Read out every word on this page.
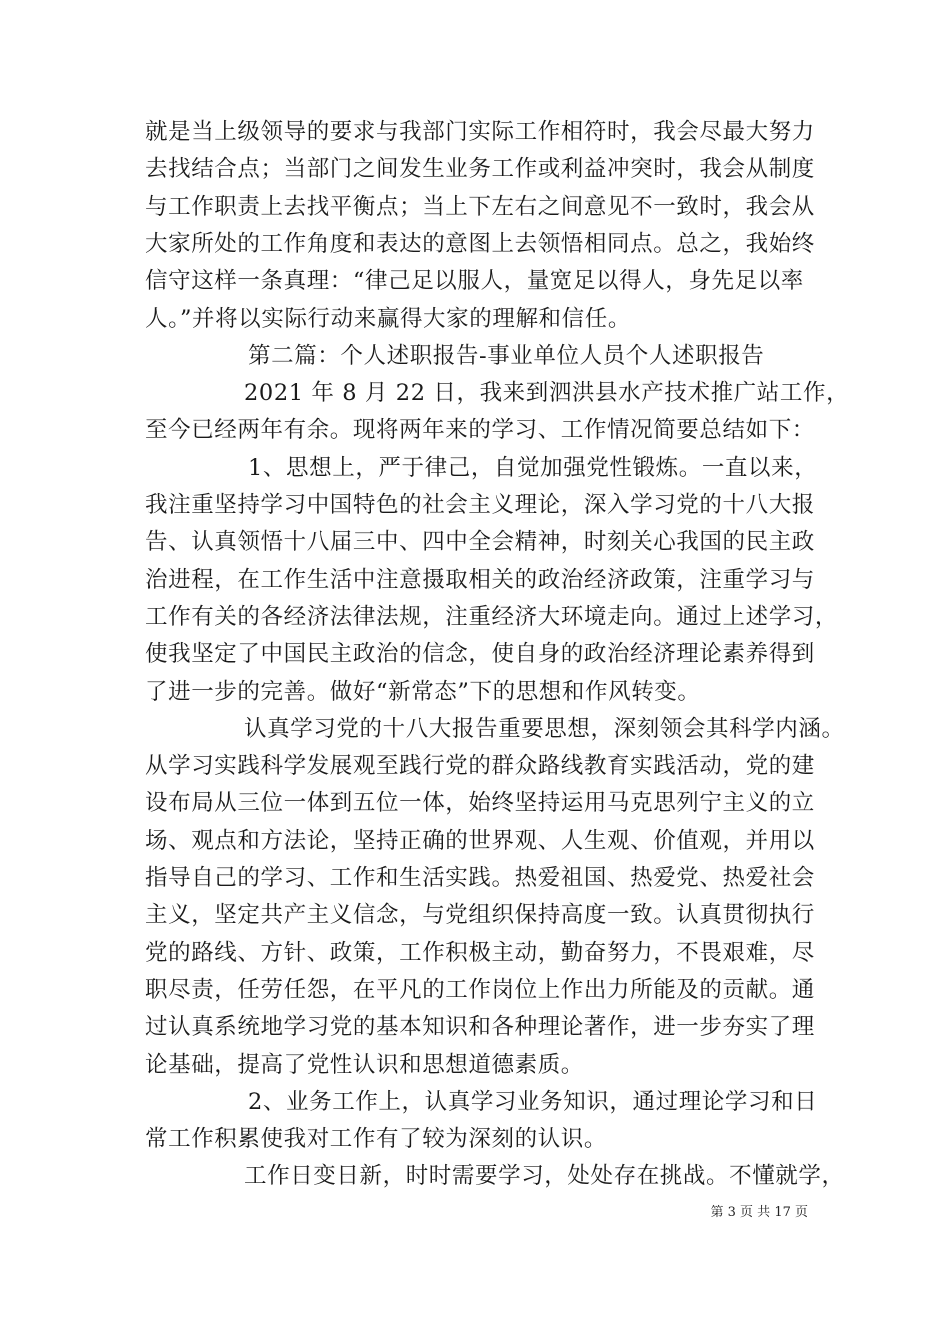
就是当上级领导的要求与我部门实际工作相符时，我会尽最大努力
去找结合点；当部门之间发生业务工作或利益冲突时，我会从制度
与工作职责上去找平衡点；当上下左右之间意见不一致时，我会从
大家所处的工作角度和表达的意图上去领悟相同点。总之，我始终
信守这样一条真理：“律己足以服人，量宽足以得人，身先足以率
人。”并将以实际行动来赢得大家的理解和信任。
第二篇：个人述职报告-事业单位人员个人述职报告
2021 年 8 月 22 日，我来到泗洪县水产技术推广站工作，
至今已经两年有余。现将两年来的学习、工作情况简要总结如下：
1、思想上，严于律己，自觉加强党性锻炼。一直以来，
我注重坚持学习中国特色的社会主义理论，深入学习党的十八大报
告、认真领悟十八届三中、四中全会精神，时刻关心我国的民主政
治进程，在工作生活中注意摄取相关的政治经济政策，注重学习与
工作有关的各经济法律法规，注重经济大环境走向。通过上述学习，
使我坚定了中国民主政治的信念，使自身的政治经济理论素养得到
了进一步的完善。做好“新常态”下的思想和作风转变。
认真学习党的十八大报告重要思想，深刻领会其科学内涵。
从学习实践科学发展观至践行党的群众路线教育实践活动，党的建
设布局从三位一体到五位一体，始终坚持运用马克思列宁主义的立
场、观点和方法论，坚持正确的世界观、人生观、价值观，并用以
指导自己的学习、工作和生活实践。热爱祖国、热爱党、热爱社会
主义，坚定共产主义信念，与党组织保持高度一致。认真贯彻执行
党的路线、方针、政策，工作积极主动，勤奋努力，不畏艰难，尽
职尽责，任劳任怨，在平凡的工作岗位上作出力所能及的贡献。通
过认真系统地学习党的基本知识和各种理论著作，进一步夯实了理
论基础，提高了党性认识和思想道德素质。
2、业务工作上，认真学习业务知识，通过理论学习和日
常工作积累使我对工作有了较为深刻的认识。
工作日变日新，时时需要学习，处处存在挑战。不懂就学，
第 3 页 共 17 页
